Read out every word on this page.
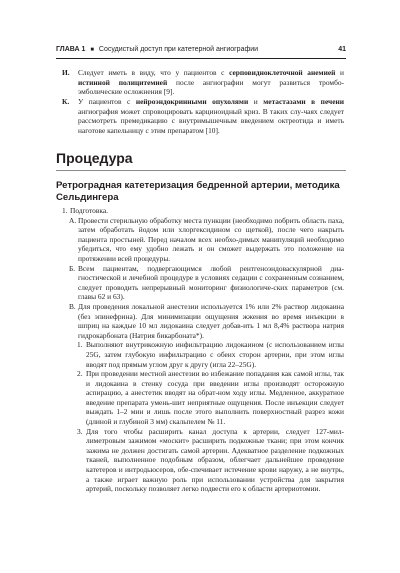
ГЛАВА 1 ■ Сосудистый доступ при катетерной ангиографии	41
И. Следует иметь в виду, что у пациентов с серповидноклеточной анемией и истинной полицитемией после ангиографии могут развиться тромбо-эмболические осложнения [9].
К. У пациентов с нейроэндокринными опухолями и метастазами в печени ангиография может спровоцировать карциноидный криз. В таких слу-чаях следует рассмотреть премедикацию с внутримышечным введением октреотида и иметь наготове капельницу с этим препаратом [10].
Процедура
Ретроградная катетеризация бедренной артерии, методика Сельдингера
1. Подготовка.
А. Провести стерильную обработку места пункции (необходимо побрить область паха, затем обработать йодом или хлоргексидином со щеткой), после чего накрыть пациента простыней. Перед началом всех необхо-димых манипуляций необходимо убедиться, что ему удобно лежать и он сможет выдержать это положение на протяжении всей процедуры.
Б. Всем пациентам, подвергающимся любой рентгеноэндоваскулярной диа-гностической и лечебной процедуре в условиях седации с сохраненным сознанием, следует проводить непрерывный мониторинг физиологиче-ских параметров (см. главы 62 и 63).
В. Для проведения локальной анестезии используется 1% или 2% раствор лидокаина (без эпинефрина). Для минимизации ощущения жжения во время инъекции в шприц на каждые 10 мл лидокаина следует добав-ить 1 мл 8,4% раствора натрия гидрокарбоната (Натрия бикарбоната*).
1. Выполняют внутрикожную инфильтрацию лидокаином (с использованием иглы 25G, затем глубокую инфильтрацию с обеих сторон артерии, при этом иглы вводят под прямым углом друг к другу (игла 22–25G).
2. При проведении местной анестезии во избежание попадания как самой иглы, так и лидокаина в стенку сосуда при введении иглы производят осторожную аспирацию, а анестетик вводят на обрат-ном ходу иглы. Медленное, аккуратное введение препарата умень-шит неприятные ощущения. После инъекции следует выждать 1–2 мин и лишь после этого выполнить поверхностный разрез кожи (длиной и глубиной 3 мм) скальпелем № 11.
3. Для того чтобы расширить канал доступа к артерии, следует 127-мил-лиметровым зажимом «москит» расширить подкожные ткани; при этом кончик зажима не должен достигать самой артерии. Адекватное разделение подкожных тканей, выполненное подобным образом, облегчает дальнейшее проведение катетеров и интродьюсеров, обе-спечивает истечение крови наружу, а не внутрь, а также играет важную роль при использовании устройства для закрытия артерий, поскольку позволяет легко подвести его к области артериотомии.
